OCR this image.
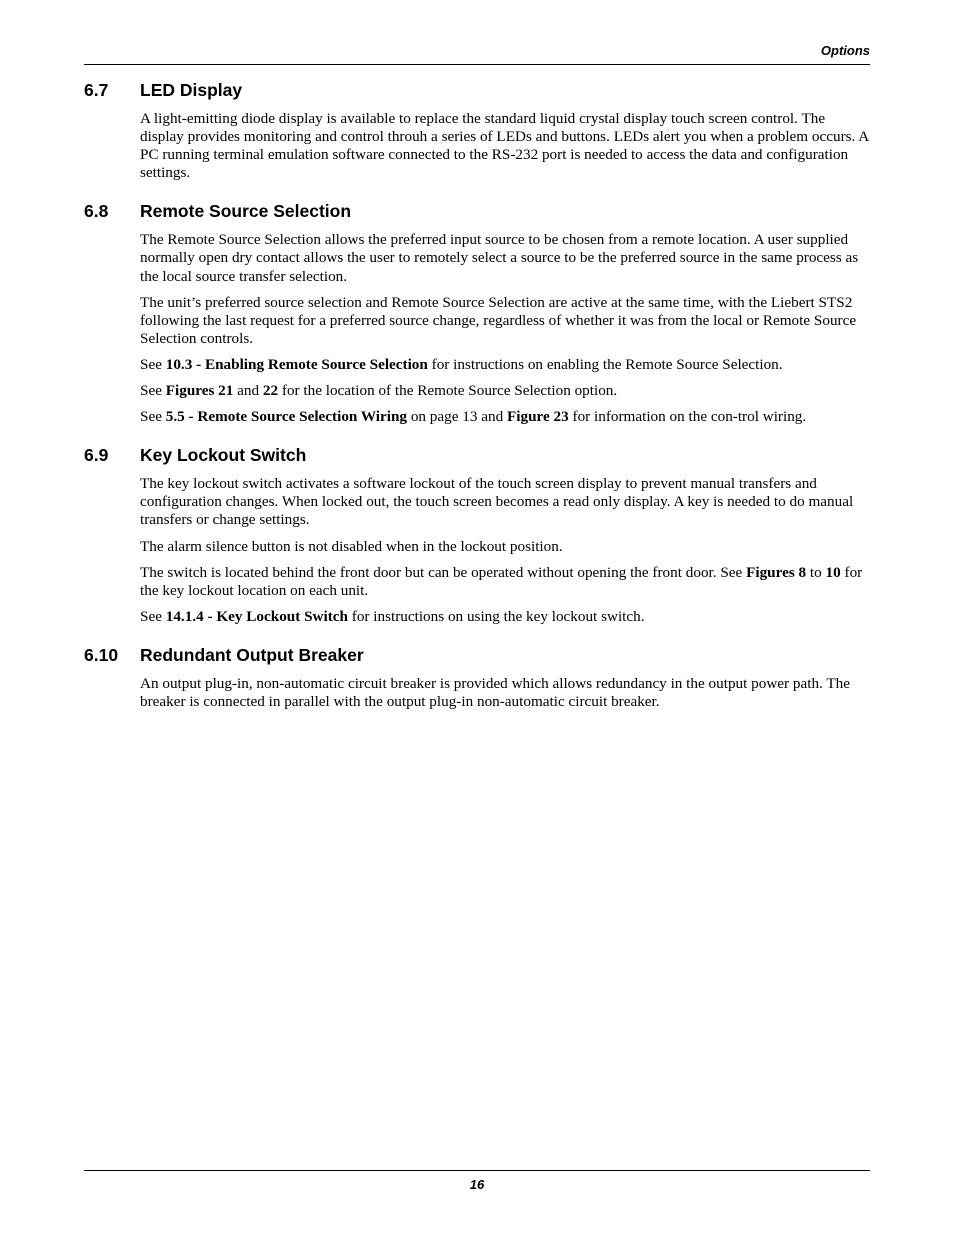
Options
6.7 LED Display

A light-emitting diode display is available to replace the standard liquid crystal display touch screen control. The display provides monitoring and control throuh a series of LEDs and buttons. LEDs alert you when a problem occurs. A PC running terminal emulation software connected to the RS-232 port is needed to access the data and configuration settings.

6.8 Remote Source Selection

The Remote Source Selection allows the preferred input source to be chosen from a remote location. A user supplied normally open dry contact allows the user to remotely select a source to be the preferred source in the same process as the local source transfer selection.

The unit’s preferred source selection and Remote Source Selection are active at the same time, with the Liebert STS2 following the last request for a preferred source change, regardless of whether it was from the local or Remote Source Selection controls.

See 10.3 - Enabling Remote Source Selection for instructions on enabling the Remote Source Selection.

See Figures 21 and 22 for the location of the Remote Source Selection option.

See 5.5 - Remote Source Selection Wiring on page 13 and Figure 23 for information on the con-trol wiring.

6.9 Key Lockout Switch

The key lockout switch activates a software lockout of the touch screen display to prevent manual transfers and configuration changes. When locked out, the touch screen becomes a read only display. A key is needed to do manual transfers or change settings.

The alarm silence button is not disabled when in the lockout position.

The switch is located behind the front door but can be operated without opening the front door. See Figures 8 to 10 for the key lockout location on each unit.

See 14.1.4 - Key Lockout Switch for instructions on using the key lockout switch.

6.10 Redundant Output Breaker

An output plug-in, non-automatic circuit breaker is provided which allows redundancy in the output power path. The breaker is connected in parallel with the output plug-in non-automatic circuit breaker.

16
